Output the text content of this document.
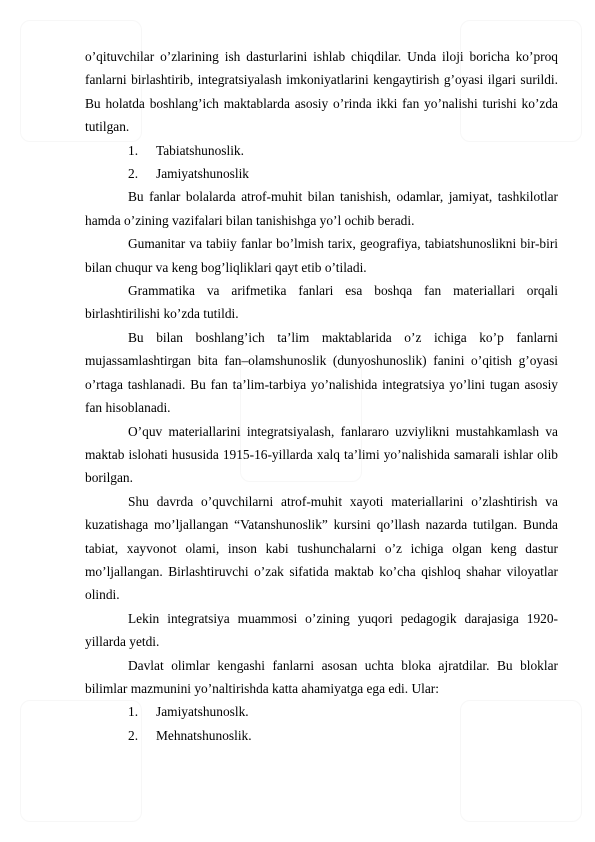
o’qituvchilar o’zlarining ish dasturlarini ishlab chiqdilar. Unda iloji boricha ko’proq fanlarni birlashtirib, integratsiyalash imkoniyatlarini kengaytirish g’oyasi ilgari surildi. Bu holatda boshlang’ich maktablarda asosiy o’rinda ikki fan yo’nalishi turishi ko’zda tutilgan.

1. Tabiatshunoslik.
2. Jamiyatshunoslik

Bu fanlar bolalarda atrof-muhit bilan tanishish, odamlar, jamiyat, tashkilotlar hamda o’zining vazifalari bilan tanishishga yo’l ochib beradi.

Gumanitar va tabiiy fanlar bo’lmish tarix, geografiya, tabiatshunoslikni bir-biri bilan chuqur va keng bog’liqliklari qayt etib o’tiladi.

Grammatika va arifmetika fanlari esa boshqa fan materiallari orqali birlashtirilishi ko’zda tutildi.

Bu bilan boshlang’ich ta’lim maktablarida o’z ichiga ko’p fanlarni mujassamlashtirgan bita fan–olamshunoslik (dunyoshunoslik) fanini o’qitish g’oyasi o’rtaga tashlanadi. Bu fan ta’lim-tarbiya yo’nalishida integratsiya yo’lini tugan asosiy fan hisoblanadi.

O’quv materiallarini integratsiyalash, fanlararo uzviylikni mustahkamlash va maktab islohati hususida 1915-16-yillarda xalq ta’limi yo’nalishida samarali ishlar olib borilgan.

Shu davrda o’quvchilarni atrof-muhit xayoti materiallarini o’zlashtirish va kuzatishaga mo’ljallangan “Vatanshunoslik” kursini qo’llash nazarda tutilgan. Bunda tabiat, xayvonot olami, inson kabi tushunchalarni o’z ichiga olgan keng dastur mo’ljallangan. Birlashtiruvchi o’zak sifatida maktab ko’cha qishloq shahar viloyatlar olindi.

Lekin integratsiya muammosi o’zining yuqori pedagogik darajasiga 1920-yillarda yetdi.

Davlat olimlar kengashi fanlarni asosan uchta bloka ajratdilar. Bu bloklar bilimlar mazmunini yo’naltirishda katta ahamiyatga ega edi. Ular:

1. Jamiyatshunoslk.
2. Mehnatshunoslik.
